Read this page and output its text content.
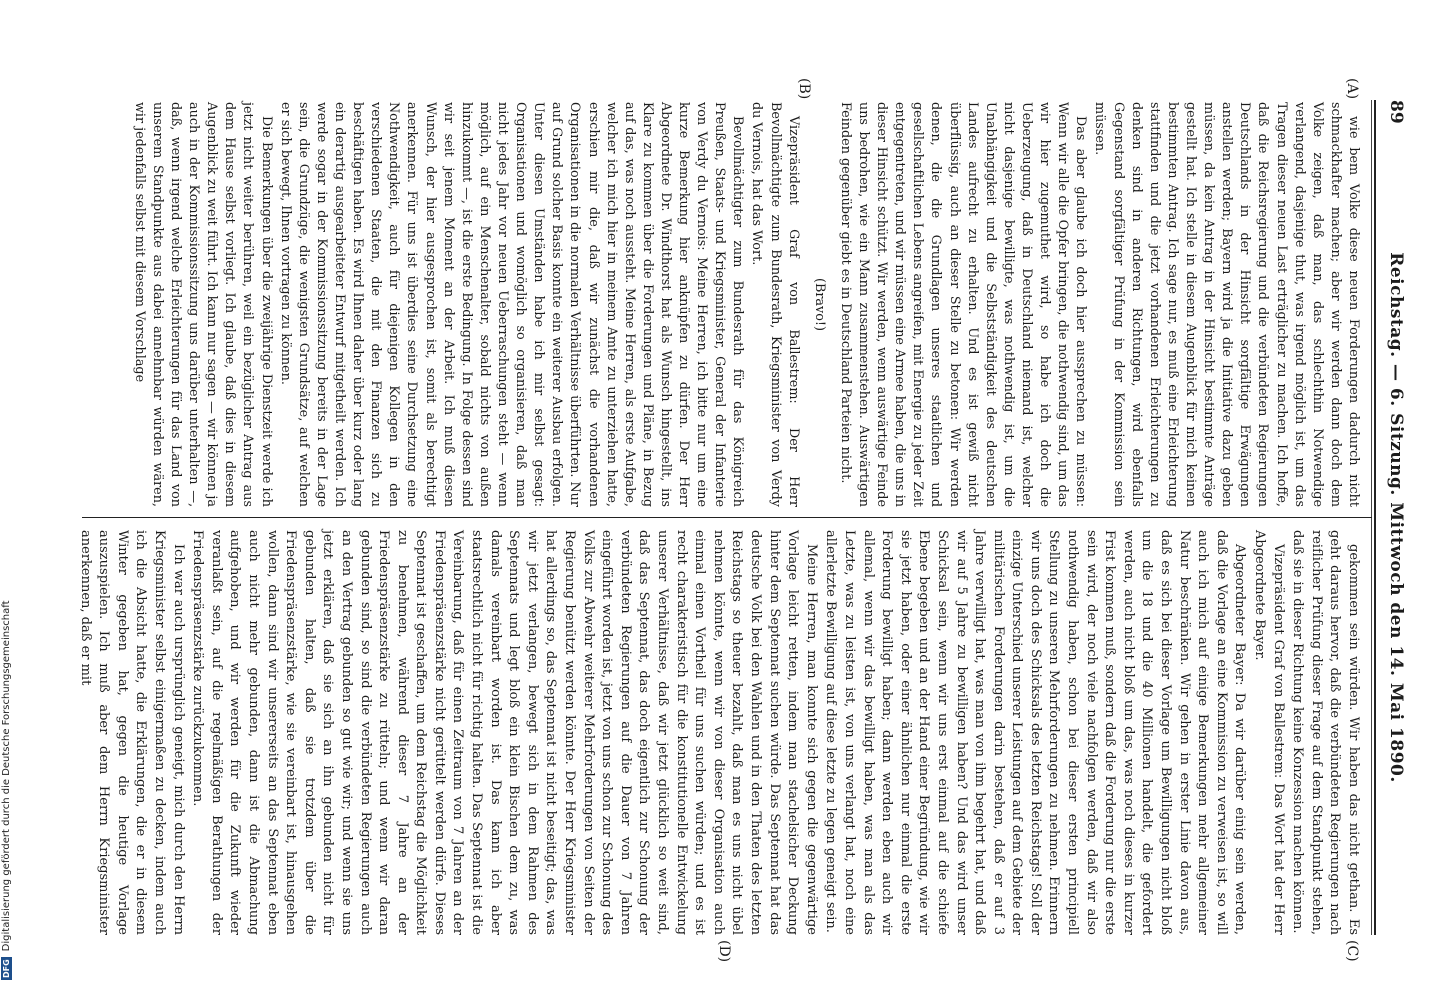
89
Reichstag. — 6. Sitzung. Mittwoch den 14. Mai 1890.
(A)
(B)
(C)
(D)

wie bem Volke diese neuen Forderungen dadurch nicht schmackhafter machen; aber wir werden dann doch dem Volke zeigen, daß man, das schlechthin Notwendige verlangend, dasjenige thut, was irgend möglich ist, um das Tragen dieser neuen Last erträglicher zu machen. Ich hoffe, daß die Reichsregierung und die verbündeten Regierungen Deutschlands in der Hinsicht sorgfältige Erwägungen anstellen werden; Bayern wird ja die Initiative dazu geben müssen, da kein Antrag in der Hinsicht bestimmte Anträge gestellt hat. Ich stelle in diesem Augenblick für mich keinen bestimmten Antrag. Ich sage nur, es muß eine Erleichterung stattfinden und die jetzt vorhandenen Erleichterungen zu denken sind in anderen Richtungen, wird ebenfalls Gegenstand sorgfältiger Prüfung in der Kommission sein müssen.

Das aber glaube ich doch hier aussprechen zu müssen: Wenn wir alle die Opfer bringen, die nothwendig sind, um das wir hier zugemuthet wird, so habe ich doch die Ueberzeugung, daß in Deutschland niemand ist, welcher nicht dasjenige bewilligte, was nothwendig ist, um die Unabhängigkeit und die Selbstständigkeit des deutschen Landes aufrecht zu erhalten. Und es ist gewiß nicht überflüssig, auch an dieser Stelle zu betonen: Wir werden denen, die die Grundlagen unseres staatlichen und gesellschaftlichen Lebens angreifen, mit Energie zu jeder Zeit entgegentreten, und wir müssen eine Armee haben, die uns in dieser Hinsicht schützt. Wir werden, wenn auswärtige Feinde uns bedrohen, wie ein Mann zusammenstehen. Auswärtigen Feinden gegenüber giebt es in Deutschland Parteien nicht.

(Bravo!)

Vizepräsident Graf von Ballestrem: Der Herr Bevollmächtigte zum Bundesrath, Kriegsminister von Verdy du Vernois, hat das Wort.

Bevollmächtigter zum Bundesrath für das Königreich Preußen, Staats- und Kriegsminister, General der Infanterie von Verdy du Vernois: Meine Herren, ich bitte nur um eine kurze Bemerkung hier anknüpfen zu dürfen. Der Herr Abgeordnete Dr. Windthorst hat als Wunsch hingestellt, ins Klare zu kommen über die Forderungen und Pläne, in Bezug auf das, was noch aussteht. Meine Herren, als erste Aufgabe, welcher ich mich hier in meinem Amte zu unterziehen hatte, erschien mir die, daß wir zunächst die vorhandenen Organisationen in die normalen Verhältnisse überführten. Nur auf Grund solcher Basis konnte ein weiterer Ausbau erfolgen. Unter diesen Umständen habe ich mir selbst gesagt: Organisationen und womöglich so organisieren, daß man nicht jedes Jahr vor neuen Ueberraschungen steht — wenn möglich, auf ein Menschenalter, sobald nichts von außen hinzukommt —, ist die erste Bedingung. In Folge dessen sind wir seit jenem Moment an der Arbeit. Ich muß diesen Wunsch, der hier ausgesprochen ist, somit als berechtigt anerkennen. Für uns ist überdies seine Durchsetzung eine Nothwendigkeit, auch für diejenigen Kollegen in den verschiedenen Staaten, die mit den Finanzen sich zu beschäftigen haben. Es wird Ihnen daher über kurz oder lang ein derartig ausgearbeiteter Entwurf mitgetheilt werden. Ich werde sogar in der Kommissionssitzung bereits in der Lage sein, die Grundzüge, die wenigsten Grundsätze, auf welchen er sich bewegt, Ihnen vortragen zu können.

Die Bemerkungen über die zweijährige Dienstzeit werde ich jetzt nicht weiter berühren, weil ein bezüglicher Antrag aus dem Hause selbst vorliegt. Ich glaube, daß dies in diesem Augenblick zu weit führt. Ich kann nur sagen — wir können ja auch in der Kommissionssitzung uns darüber unterhalten —, daß, wenn irgend welche Erleichterungen für das Land von unserem Standpunkte aus dabei annehmbar würden wären, wir jedenfalls selbst mit diesem Vorschlage

gekommen sein würden. Wir haben das nicht gethan. Es geht daraus hervor, daß die verbündeten Regierungen nach reiflicher Prüfung dieser Frage auf dem Standpunkt stehen, daß sie in dieser Richtung keine Konzession machen können.

Vizepräsident Graf von Ballestrem: Das Wort hat der Herr Abgeordnete Bayer.

Abgeordneter Bayer: Da wir darüber einig sein werden, daß die Vorlage an eine Kommission zu verweisen ist, so will auch ich mich auf einige Bemerkungen mehr allgemeiner Natur beschränken. Wir gehen in erster Linie davon aus, daß es sich bei dieser Vorlage um Bewilligungen nicht bloß um die 18 und die 40 Millionen handelt, die gefordert werden, auch nicht bloß um das, was noch dieses in kurzer Frist kommen muß, sondern daß die Forderung nur die erste sein wird, der noch viele nachfolgen werden, daß wir also nothwendig haben, schon bei dieser ersten principiell Stellung zu unseren Mehrforderungen zu nehmen. Erinnern wir uns doch des Schicksals des letzten Reichstags! Soll der einzige Unterschied unserer Leistungen auf dem Gebiete der militärischen Forderungen darin bestehen, daß er auf 3 Jahre verwilligt hat, was man von ihm begehrt hat, und daß wir auf 5 Jahre zu bewilligen haben? Und das wird unser Schicksal sein, wenn wir uns erst einmal auf die schiefe Ebene begeben und an der Hand einer Begründung, wie wir sie jetzt haben, oder einer ähnlichen nur einmal die erste Forderung bewilligt haben; dann werden eben auch wir allemal, wenn wir das bewilligt haben, was man als das Letzte, was zu leisten ist, von uns verlangt hat, noch eine allerletzte Bewilligung auf diese letzte zu legen geneigt sein.

Meine Herren, man konnte sich gegen die gegenwärtige Vorlage leicht retten, indem man stachelsicher Deckung hinter dem Septennat suchen würde. Das Septennat hat das deutsche Volk bei den Wahlen und in den Thaten des letzten Reichstags so theuer bezahlt, daß man es uns nicht übel nehmen könnte, wenn wir von dieser Organisation auch einmal einen Vortheil für uns suchen würden; und es ist recht charakteristisch für die konstitutionelle Entwickelung unserer Verhältnisse, daß wir jetzt glücklich so weit sind, daß das Septennat, das doch eigentlich zur Schonung der verbündeten Regierungen auf die Dauer von 7 Jahren eingeführt worden ist, jetzt von uns schon zur Schonung des Volks zur Abwehr weiterer Mehrforderungen von Seiten der Regierung benützt werden könnte. Der Herr Kriegsminister hat allerdings so, das Septennat ist nicht beseitigt; das, was wir jetzt verlangen, bewegt sich in dem Rahmen des Septennats und legt bloß ein klein Bischen dem zu, was damals vereinbart worden ist. Das kann ich aber staatsrechtlich nicht für richtig halten. Das Septennat ist die Vereinbarung, daß für einen Zeitraum von 7 Jahren an der Friedenspräsenzstärke nicht gerüttelt werden dürfe. Dieses Septennat ist geschaffen, um dem Reichstag die Möglichkeit zu benehmen, während dieser 7 Jahre an der Friedenspräsenzstärke zu rütteln; und wenn wir daran gebunden sind, so sind die verbündeten Regierungen auch an den Vertrag gebunden so gut wie wir; und wenn sie uns jetzt erklären, daß sie sich an ihn gebunden nicht für gebunden halten, daß sie trotzdem über die Friedenspräsenzstärke, wie sie vereinbart ist, hinausgehen wollen, dann sind wir unsererseits an das Septennat eben auch nicht mehr gebunden, dann ist die Abmachung aufgehoben, und wir werden für die Zukunft wieder veranlaßt sein, auf die regelmäßigen Berathungen der Friedenspräsenzstärke zurückzukommen.

Ich war auch ursprünglich geneigt, mich durch den Herrn Kriegsminister selbst einigermaßen zu decken, indem auch ich die Absicht hatte, die Erklärungen, die er in diesem Winter gegeben hat, gegen die heutige Vorlage auszuspielen. Ich muß aber dem Herrn Kriegsminister anerkennen, daß er mit

DFGDigitalisierung gefördert durch die Deutsche Forschungsgemeinschaft
